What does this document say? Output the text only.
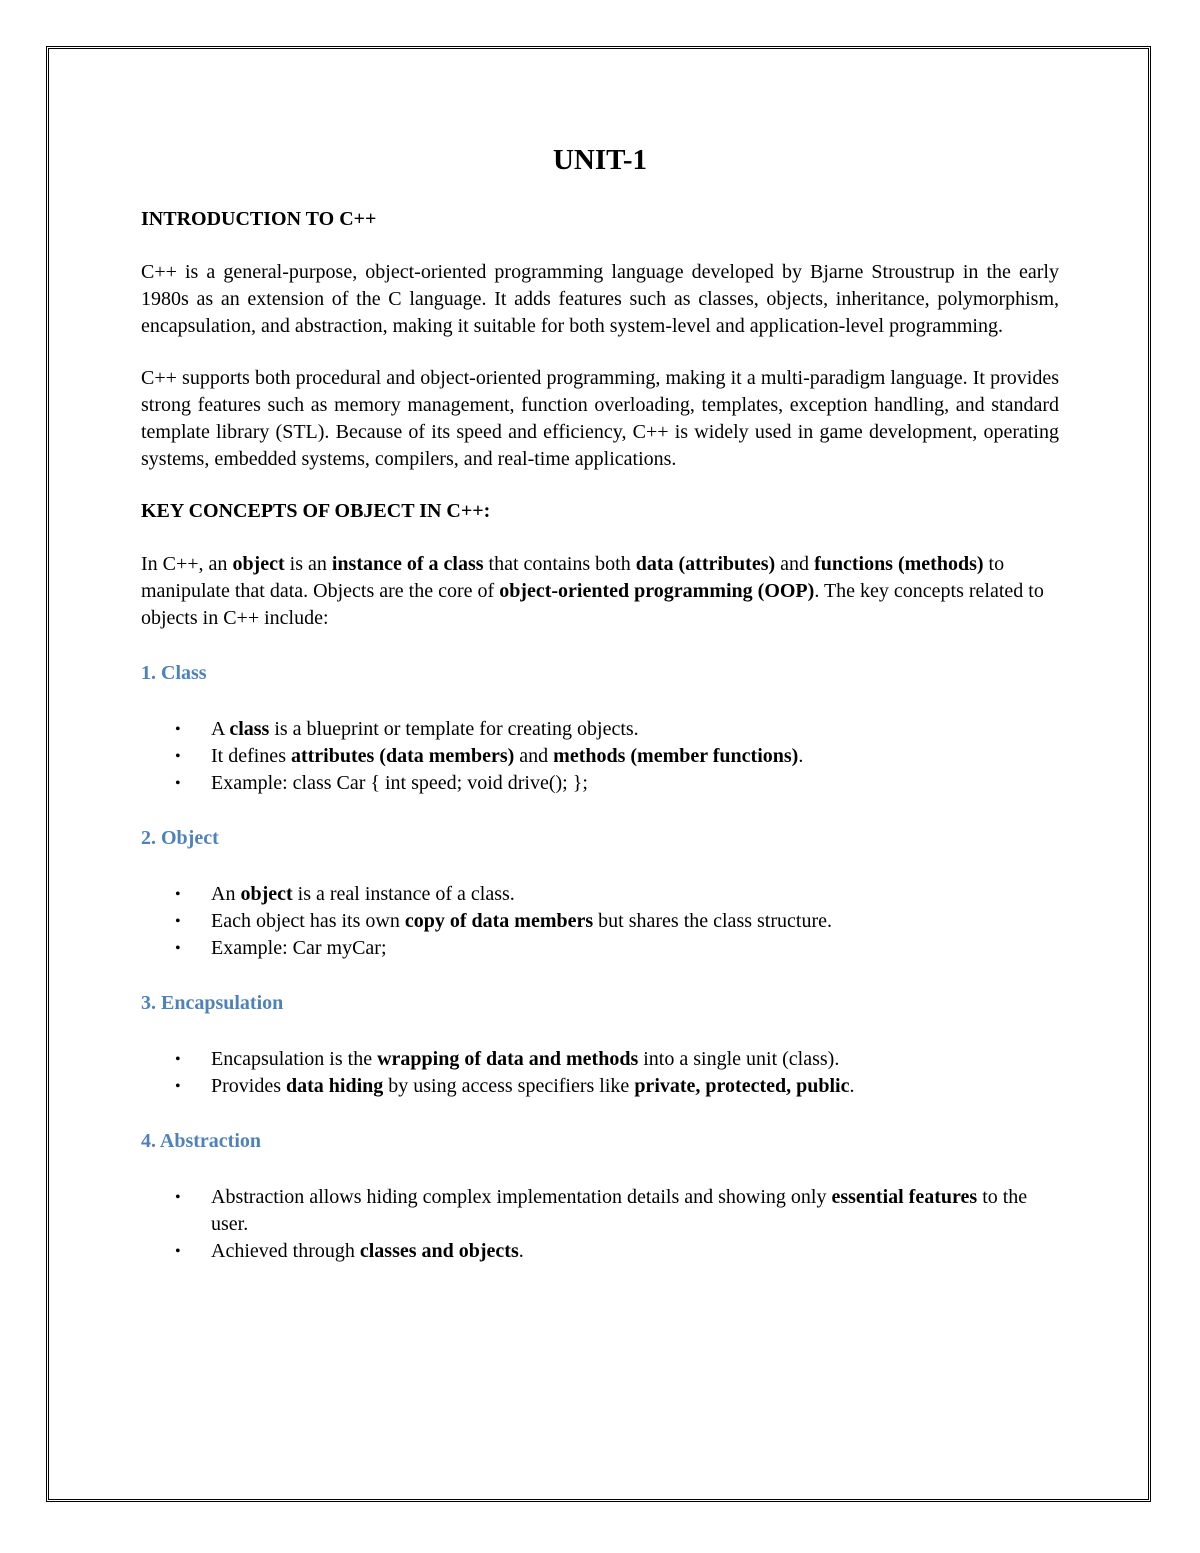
UNIT-1
INTRODUCTION TO C++

C++ is a general-purpose, object-oriented programming language developed by Bjarne Stroustrup in the early 1980s as an extension of the C language. It adds features such as classes, objects, inheritance, polymorphism, encapsulation, and abstraction, making it suitable for both system-level and application-level programming.

C++ supports both procedural and object-oriented programming, making it a multi-paradigm language. It provides strong features such as memory management, function overloading, templates, exception handling, and standard template library (STL). Because of its speed and efficiency, C++ is widely used in game development, operating systems, embedded systems, compilers, and real-time applications.

KEY CONCEPTS OF OBJECT IN C++:

In C++, an object is an instance of a class that contains both data (attributes) and functions (methods) to manipulate that data. Objects are the core of object-oriented programming (OOP). The key concepts related to objects in C++ include:

1. Class
• A class is a blueprint or template for creating objects.
• It defines attributes (data members) and methods (member functions).
• Example: class Car { int speed; void drive(); };
2. Object
• An object is a real instance of a class.
• Each object has its own copy of data members but shares the class structure.
• Example: Car myCar;
3. Encapsulation
• Encapsulation is the wrapping of data and methods into a single unit (class).
• Provides data hiding by using access specifiers like private, protected, public.
4. Abstraction
• Abstraction allows hiding complex implementation details and showing only essential features to the user.
• Achieved through classes and objects.
